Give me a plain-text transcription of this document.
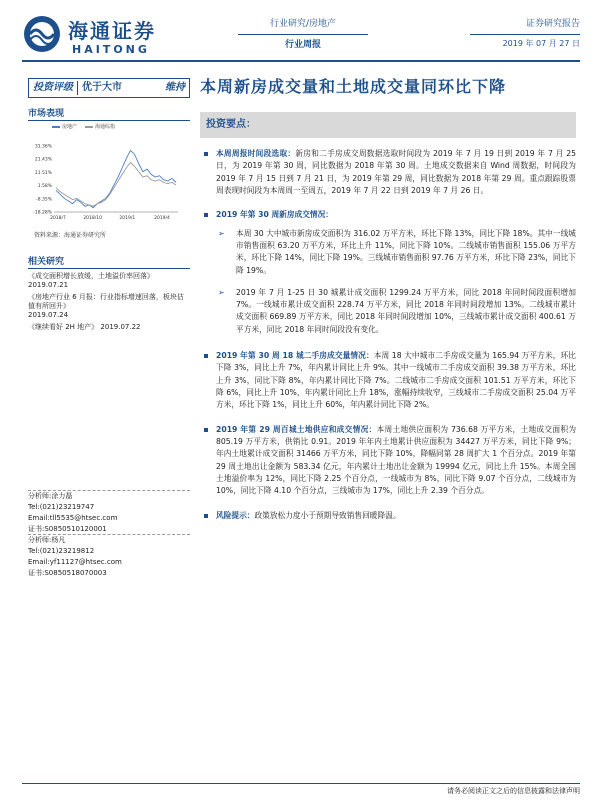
海通证券
HAITONG
行业研究/房地产
行业周报
证券研究报告
2019 年 07 月 27 日
投资评级 优于大市	维持 本周新房成交量和土地成交量同环比下降
市场表现
房地产	海通综指
31.36%
21.43%
11.51%
1.58%
-8.35%
-18.28%
2018/7	2018/10	2019/1	2019/4
资料来源：海通证券研究所
相关研究
《成交面积增长放缓，土地溢价率回落》
2019.07.21
《房地产行业 6 月报：行业指标增速回落，板块估值有所回升》
2019.07.24
《继续看好 2H 地产》 2019.07.22
分析师:涂力磊
Tel:(021)23219747
Email:tll5535@htsec.com
证书:S0850510120001
分析师:杨凡
Tel:(021)23219812
Email:yf11127@htsec.com
证书:S0850518070003
投资要点：
本周周报时间段选取：新房和二手房成交周数据选取时间段为 2019 年 7 月 19 日到 2019 年 7 月 25 日，为 2019 年第 30 周，同比数据为 2018 年第 30 周。土地成交数据来自 Wind 周数据，时间段为 2019 年 7 月 15 日到 7 月 21 日，为 2019 年第 29 周，同比数据为 2018 年第 29 周。重点跟踪股票周表现时间段为本周周一至周五，2019 年 7 月 22 日到 2019 年 7 月 26 日。
2019 年第 30 周新房成交情况：
➢ 本周 30 大中城市新房成交面积为 316.02 万平方米，环比下降 13%，同比下降 18%。其中一线城市销售面积 63.20 万平方米，环比上升 11%，同比下降 10%。二线城市销售面积 155.06 万平方米，环比下降 14%，同比下降 19%。三线城市销售面积 97.76 万平方米，环比下降 23%，同比下降 19%。
➢ 2019 年 7 月 1-25 日 30 城累计成交面积 1299.24 万平方米，同比 2018 年同时间段面积增加 7%。一线城市累计成交面积 228.74 万平方米，同比 2018 年同时间段增加 13%。二线城市累计成交面积 669.89 万平方米，同比 2018 年同时间段增加 10%，三线城市累计成交面积 400.61 万平方米，同比 2018 年同时间段没有变化。
2019 年第 30 周 18 城二手房成交量情况：本周 18 大中城市二手房成交量为 165.94 万平方米，环比下降 3%，同比上升 7%，年内累计同比上升 9%。其中一线城市二手房成交面积 39.38 万平方米，环比上升 3%，同比下降 8%，年内累计同比下降 7%。二线城市二手房成交面积 101.51 万平方米，环比下降 6%，同比上升 10%，年内累计同比上升 18%，涨幅持续收窄，三线城市二手房成交面积 25.04 万平方米，环比下降 1%，同比上升 60%，年内累计同比下降 2%。
2019 年第 29 周百城土地供应和成交情况：本周土地供应面积为 736.68 万平方米，土地成交面积为 805.19 万平方米，供销比 0.91。2019 年年内土地累计供应面积为 34427 万平方米，同比下降 9%；年内土地累计成交面积 31466 万平方米，同比下降 10%，降幅同第 28 周扩大 1 个百分点。2019 年第 29 周土地出让金额为 583.34 亿元，年内累计土地出让金额为 19994 亿元，同比上升 15%。本周全国土地溢价率为 12%，同比下降 2.25 个百分点，一线城市为 8%，同比下降 9.07 个百分点，二线城市为 10%，同比下降 4.10 个百分点，三线城市为 17%，同比上升 2.39 个百分点。
风险提示：政策放松力度小于预期导致销售回暖降温。
请务必阅读正文之后的信息披露和法律声明
